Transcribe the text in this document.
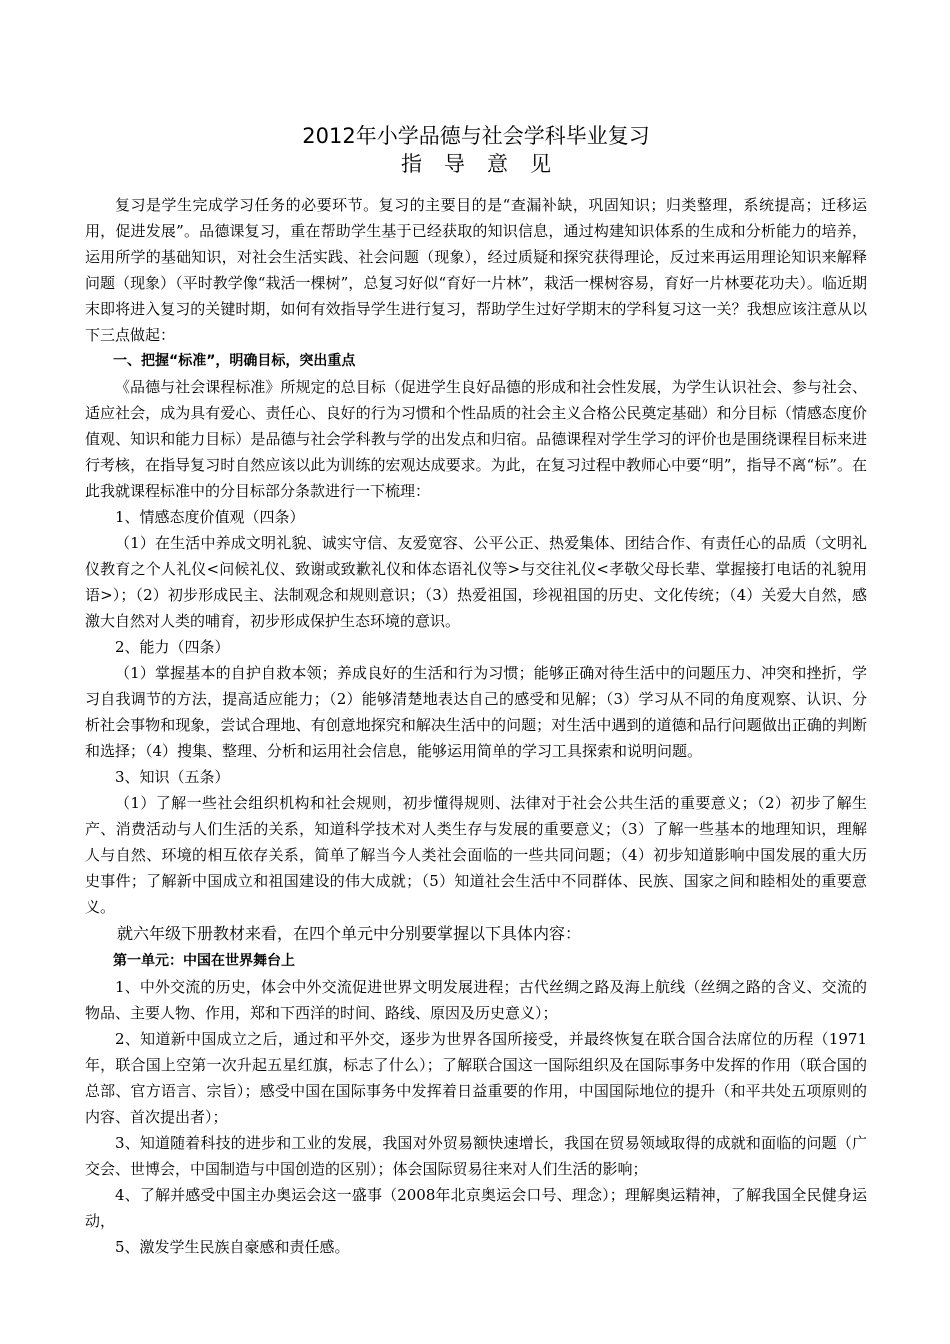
2012年小学品德与社会学科毕业复习
指导意见

复习是学生完成学习任务的必要环节。复习的主要目的是“查漏补缺，巩固知识；归类整理，系统提高；迁移运用，促进发展”。品德课复习，重在帮助学生基于已经获取的知识信息，通过构建知识体系的生成和分析能力的培养，运用所学的基础知识，对社会生活实践、社会问题（现象），经过质疑和探究获得理论，反过来再运用理论知识来解释问题（现象）（平时教学像“栽活一棵树”，总复习好似“育好一片林”，栽活一棵树容易，育好一片林要花功夫）。临近期末即将进入复习的关键时期，如何有效指导学生进行复习，帮助学生过好学期末的学科复习这一关？我想应该注意从以下三点做起：

一、把握“标准”，明确目标，突出重点

《品德与社会课程标准》所规定的总目标（促进学生良好品德的形成和社会性发展，为学生认识社会、参与社会、适应社会，成为具有爱心、责任心、良好的行为习惯和个性品质的社会主义合格公民奠定基础）和分目标（情感态度价值观、知识和能力目标）是品德与社会学科教与学的出发点和归宿。品德课程对学生学习的评价也是围绕课程目标来进行考核，在指导复习时自然应该以此为训练的宏观达成要求。为此，在复习过程中教师心中要“明”，指导不离“标”。在此我就课程标准中的分目标部分条款进行一下梳理：

1、情感态度价值观（四条）

（1）在生活中养成文明礼貌、诚实守信、友爱宽容、公平公正、热爱集体、团结合作、有责任心的品质（文明礼仪教育之个人礼仪<问候礼仪、致谢或致歉礼仪和体态语礼仪等>与交往礼仪<孝敬父母长辈、掌握接打电话的礼貌用语>）；（2）初步形成民主、法制观念和规则意识；（3）热爱祖国，珍视祖国的历史、文化传统；（4）关爱大自然，感激大自然对人类的哺育，初步形成保护生态环境的意识。

2、能力（四条）

（1）掌握基本的自护自救本领；养成良好的生活和行为习惯；能够正确对待生活中的问题压力、冲突和挫折，学习自我调节的方法，提高适应能力；（2）能够清楚地表达自己的感受和见解；（3）学习从不同的角度观察、认识、分析社会事物和现象，尝试合理地、有创意地探究和解决生活中的问题；对生活中遇到的道德和品行问题做出正确的判断和选择；（4）搜集、整理、分析和运用社会信息，能够运用简单的学习工具探索和说明问题。

3、知识（五条）

（1）了解一些社会组织机构和社会规则，初步懂得规则、法律对于社会公共生活的重要意义；（2）初步了解生产、消费活动与人们生活的关系，知道科学技术对人类生存与发展的重要意义；（3）了解一些基本的地理知识，理解人与自然、环境的相互依存关系，简单了解当今人类社会面临的一些共同问题；（4）初步知道影响中国发展的重大历史事件；了解新中国成立和祖国建设的伟大成就；（5）知道社会生活中不同群体、民族、国家之间和睦相处的重要意义。

就六年级下册教材来看，在四个单元中分别要掌握以下具体内容：

第一单元：中国在世界舞台上

1、中外交流的历史，体会中外交流促进世界文明发展进程；古代丝绸之路及海上航线（丝绸之路的含义、交流的物品、主要人物、作用，郑和下西洋的时间、路线、原因及历史意义）；

2、知道新中国成立之后，通过和平外交，逐步为世界各国所接受，并最终恢复在联合国合法席位的历程（1971年，联合国上空第一次升起五星红旗，标志了什么）；了解联合国这一国际组织及在国际事务中发挥的作用（联合国的总部、官方语言、宗旨）；感受中国在国际事务中发挥着日益重要的作用，中国国际地位的提升（和平共处五项原则的内容、首次提出者）；

3、知道随着科技的进步和工业的发展，我国对外贸易额快速增长，我国在贸易领域取得的成就和面临的问题（广交会、世博会，中国制造与中国创造的区别）；体会国际贸易往来对人们生活的影响；

4、了解并感受中国主办奥运会这一盛事（2008年北京奥运会口号、理念）；理解奥运精神，了解我国全民健身运动，

5、激发学生民族自豪感和责任感。
